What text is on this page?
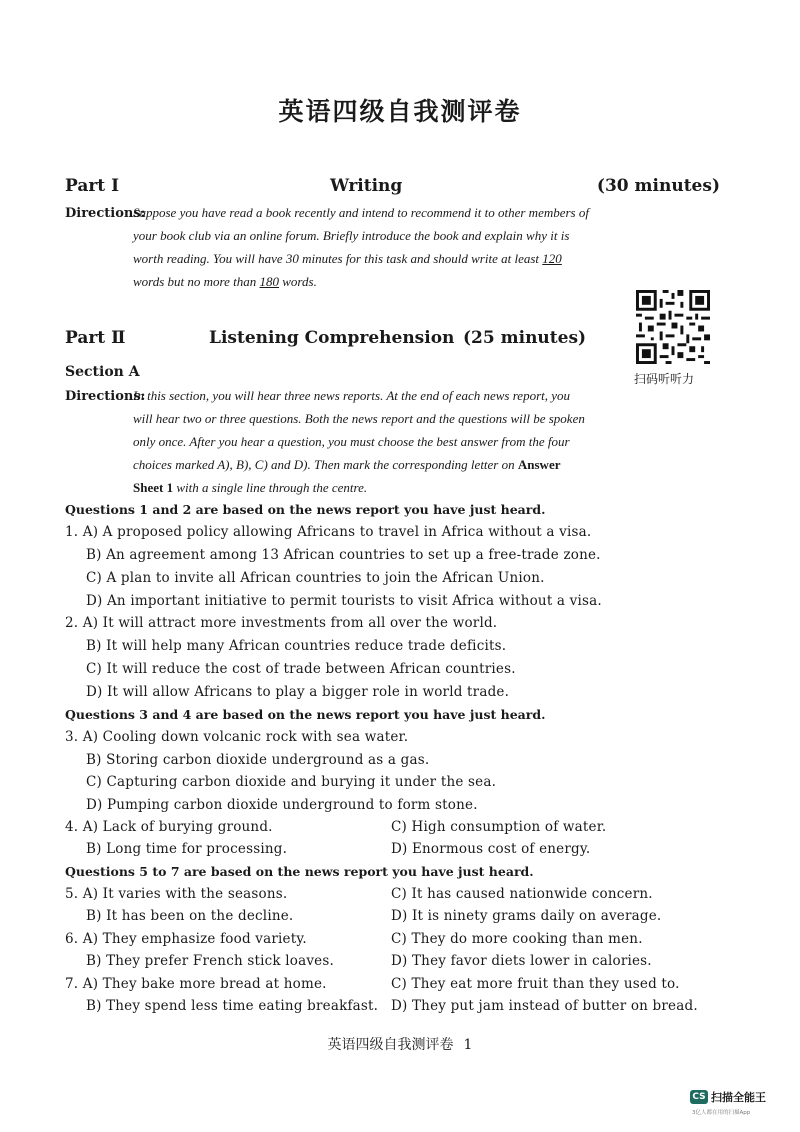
英语四级自我测评卷
Part Ⅰ	Writing	(30 minutes)
Directions:
Suppose you have read a book recently and intend to recommend it to other members of
your book club via an online forum. Briefly introduce the book and explain why it is
worth reading. You will have 30 minutes for this task and should write at least 120
words but no more than 180 words.
Part Ⅱ	Listening Comprehension (25 minutes)
扫码听听力
Section A
Directions:
In this section, you will hear three news reports. At the end of each news report, you
will hear two or three questions. Both the news report and the questions will be spoken
only once. After you hear a question, you must choose the best answer from the four
choices marked A), B), C) and D). Then mark the corresponding letter on Answer
Sheet 1 with a single line through the centre.
Questions 1 and 2 are based on the news report you have just heard.
1. A) A proposed policy allowing Africans to travel in Africa without a visa.
B) An agreement among 13 African countries to set up a free-trade zone.
C) A plan to invite all African countries to join the African Union.
D) An important initiative to permit tourists to visit Africa without a visa.
2. A) It will attract more investments from all over the world.
B) It will help many African countries reduce trade deficits.
C) It will reduce the cost of trade between African countries.
D) It will allow Africans to play a bigger role in world trade.
Questions 3 and 4 are based on the news report you have just heard.
3. A) Cooling down volcanic rock with sea water.
B) Storing carbon dioxide underground as a gas.
C) Capturing carbon dioxide and burying it under the sea.
D) Pumping carbon dioxide underground to form stone.
4. A) Lack of burying ground.	C) High consumption of water.
B) Long time for processing.	D) Enormous cost of energy.
Questions 5 to 7 are based on the news report you have just heard.
5. A) It varies with the seasons.	C) It has caused nationwide concern.
B) It has been on the decline.	D) It is ninety grams daily on average.
6. A) They emphasize food variety.	C) They do more cooking than men.
B) They prefer French stick loaves.	D) They favor diets lower in calories.
7. A) They bake more bread at home.	C) They eat more fruit than they used to.
B) They spend less time eating breakfast. D) They put jam instead of butter on bread.
英语四级自我测评卷 1
CS 扫描全能王
3亿人都在用的扫描App
